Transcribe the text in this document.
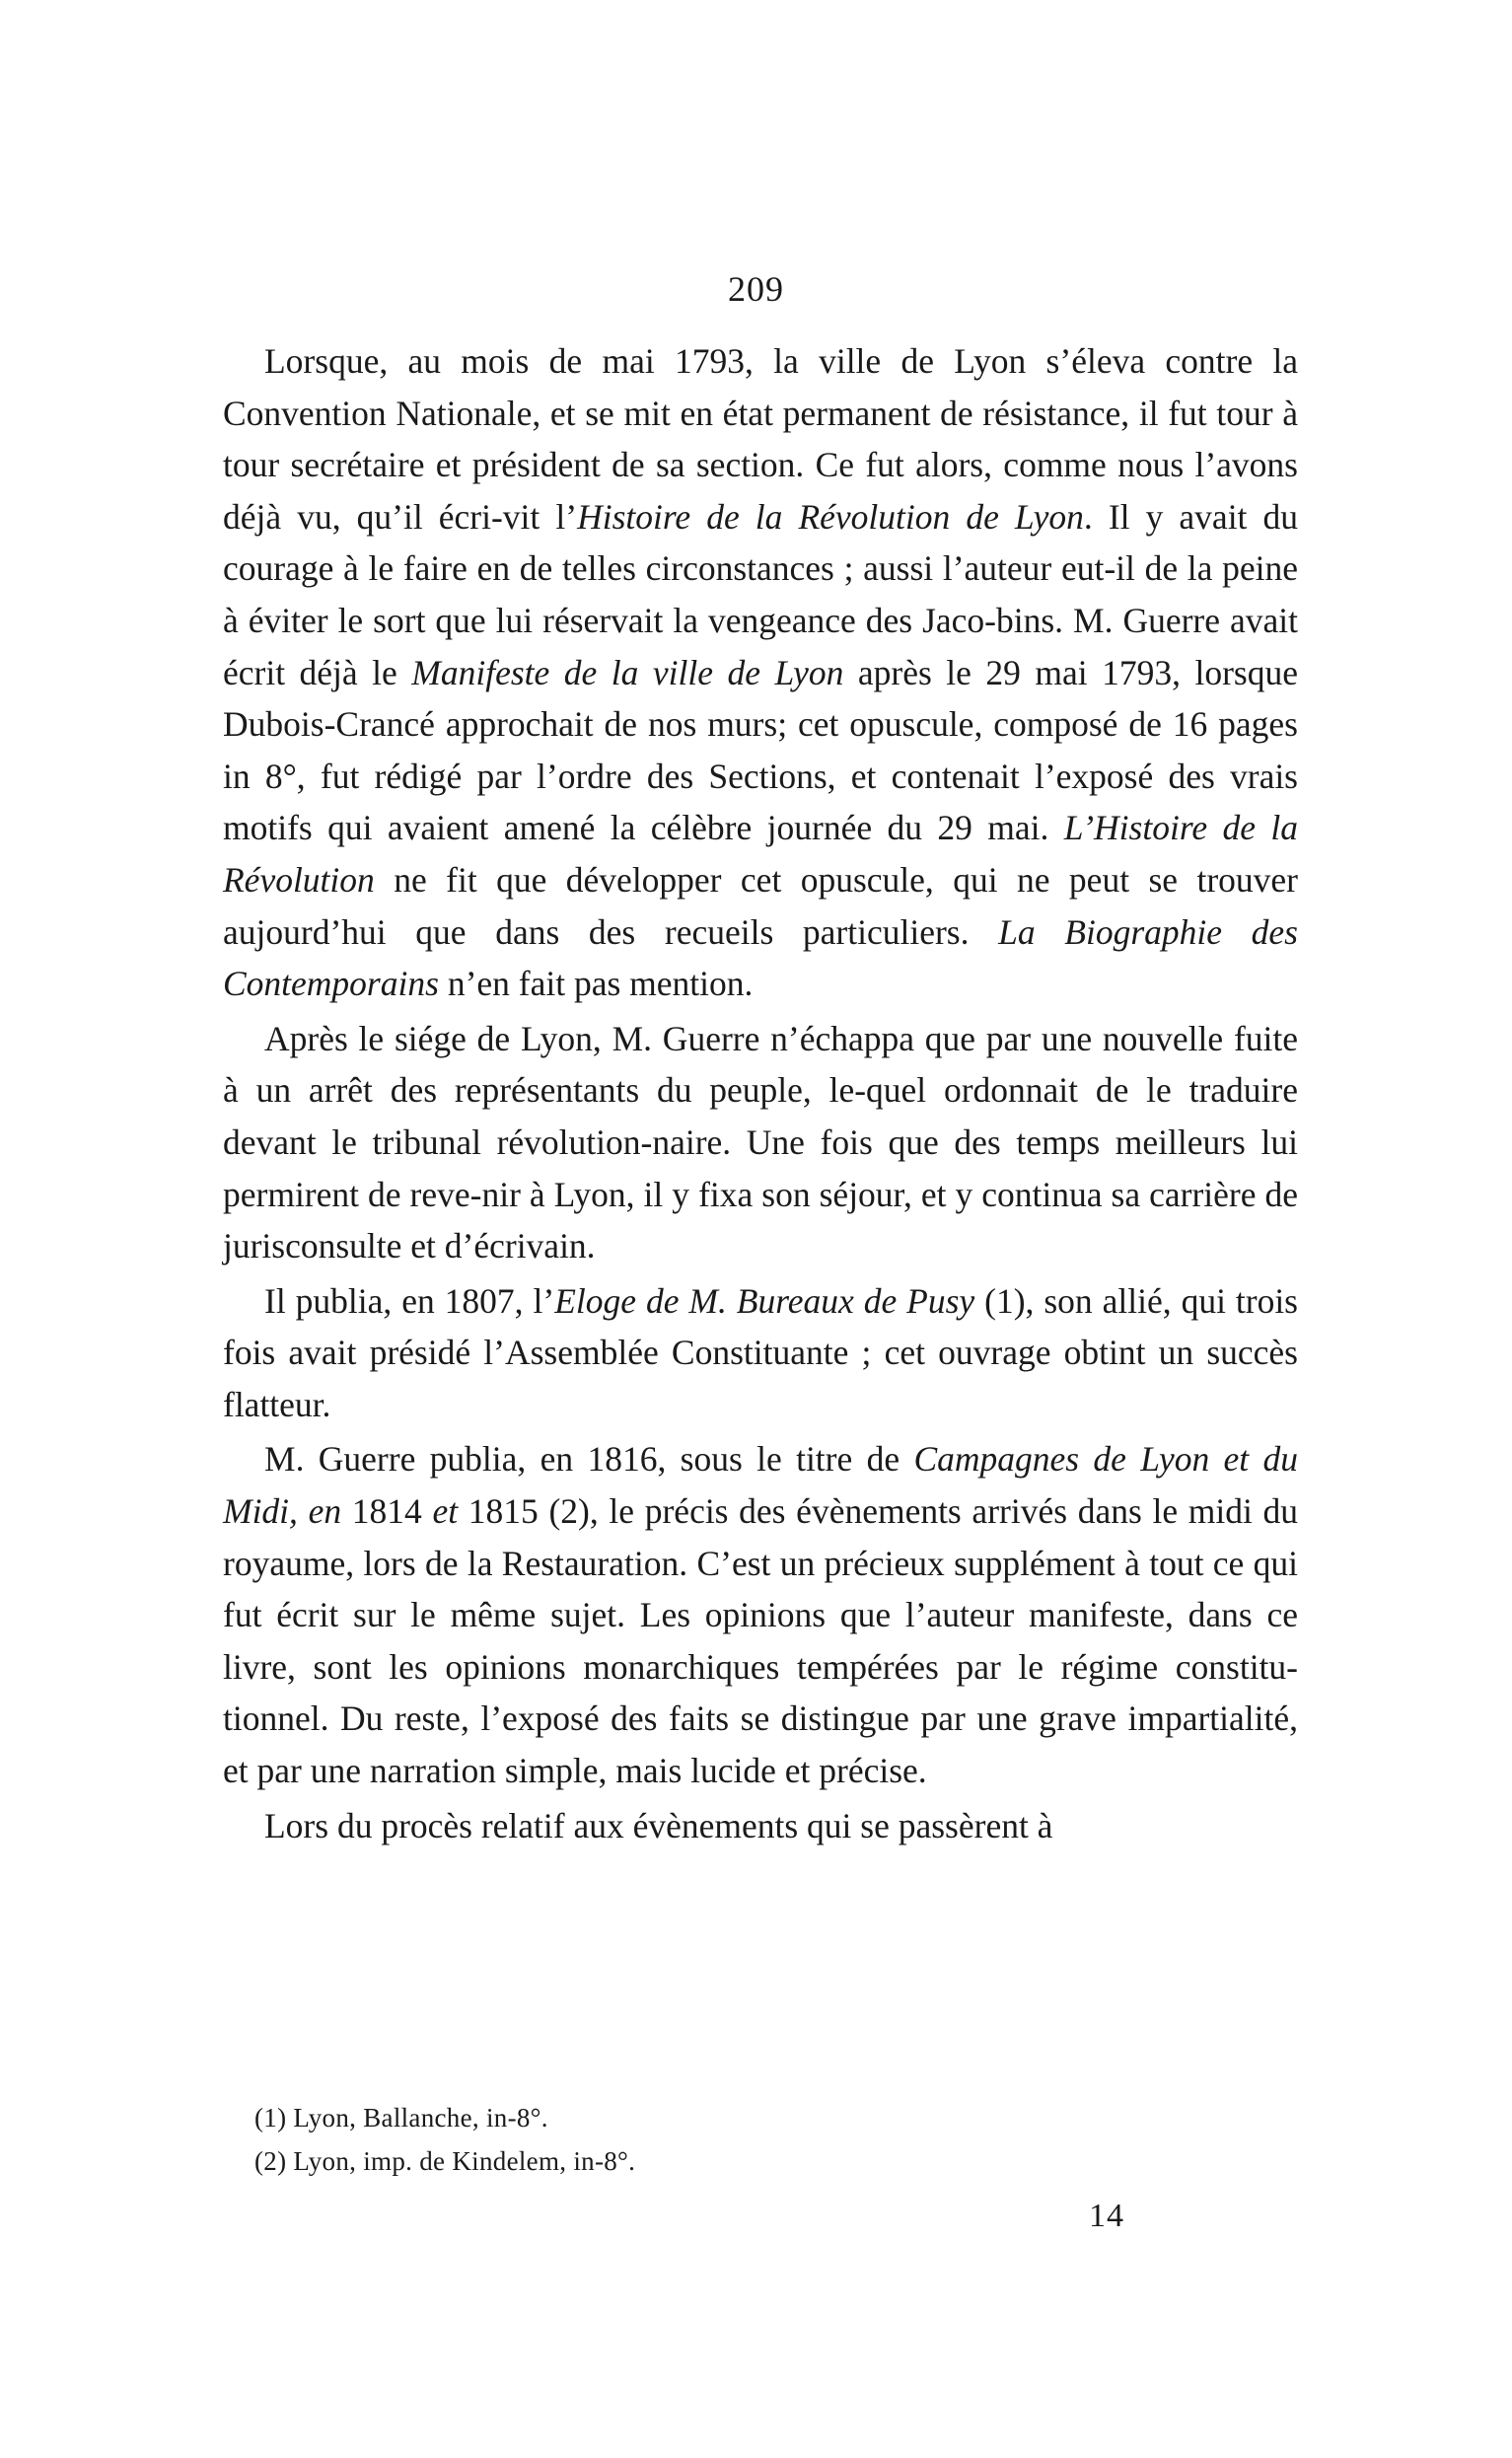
209

Lorsque, au mois de mai 1793, la ville de Lyon s’éleva contre la Convention Nationale, et se mit en état permanent de résistance, il fut tour à tour secrétaire et président de sa section. Ce fut alors, comme nous l’avons déjà vu, qu’il écri-vit l’Histoire de la Révolution de Lyon. Il y avait du courage à le faire en de telles circonstances ; aussi l’auteur eut-il de la peine à éviter le sort que lui réservait la vengeance des Jaco-bins. M. Guerre avait écrit déjà le Manifeste de la ville de Lyon après le 29 mai 1793, lorsque Dubois-Crancé approchait de nos murs; cet opuscule, composé de 16 pages in 8°, fut rédigé par l’ordre des Sections, et contenait l’exposé des vrais motifs qui avaient amené la célèbre journée du 29 mai. L’Histoire de la Révolution ne fit que développer cet opuscule, qui ne peut se trouver aujourd’hui que dans des recueils particuliers. La Biographie des Contemporains n’en fait pas mention.

Après le siége de Lyon, M. Guerre n’échappa que par une nouvelle fuite à un arrêt des représentants du peuple, le-quel ordonnait de le traduire devant le tribunal révolution-naire. Une fois que des temps meilleurs lui permirent de reve-nir à Lyon, il y fixa son séjour, et y continua sa carrière de jurisconsulte et d’écrivain.

Il publia, en 1807, l’Eloge de M. Bureaux de Pusy (1), son allié, qui trois fois avait présidé l’Assemblée Constituante ; cet ouvrage obtint un succès flatteur.

M. Guerre publia, en 1816, sous le titre de Campagnes de Lyon et du Midi, en 1814 et 1815 (2), le précis des évènements arrivés dans le midi du royaume, lors de la Restauration. C’est un précieux supplément à tout ce qui fut écrit sur le même sujet. Les opinions que l’auteur manifeste, dans ce livre, sont les opinions monarchiques tempérées par le régime constitu-tionnel. Du reste, l’exposé des faits se distingue par une grave impartialité, et par une narration simple, mais lucide et précise.

Lors du procès relatif aux évènements qui se passèrent à

(1) Lyon, Ballanche, in-8°.
(2) Lyon, imp. de Kindelem, in-8°.
14
